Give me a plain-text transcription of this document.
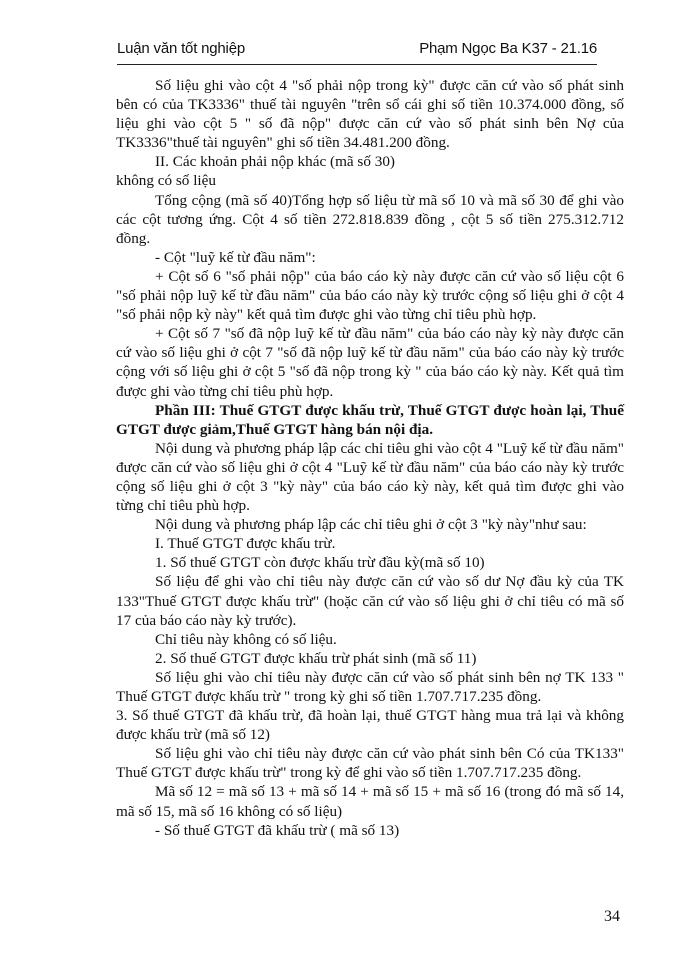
Luận văn tốt nghiệp	Phạm Ngọc Ba K37 - 21.16

Số liệu ghi vào cột 4 "số phải nộp trong kỳ" được căn cứ vào số phát sinh bên có của TK3336" thuế tài nguyên "trên sổ cái ghi số tiền 10.374.000 đồng, số liệu ghi vào cột 5 " số đã nộp" được căn cứ vào số phát sinh bên Nợ của TK3336"thuế tài nguyên" ghi số tiền 34.481.200 đồng.

II. Các khoản phải nộp khác (mã số 30)

không có số liệu

Tổng cộng (mã số 40)Tổng hợp số liệu từ mã số 10 và mã số 30 để ghi vào các cột tương ứng. Cột 4 số tiền 272.818.839 đồng , cột 5 số tiền 275.312.712 đồng.

- Cột "luỹ kế từ đầu năm":

+ Cột số 6 "số phải nộp" của báo cáo kỳ này được căn cứ vào số liệu cột 6 "số phải nộp luỹ kế từ đầu năm" của báo cáo này kỳ trước cộng số liệu ghi ở cột 4 "số phải nộp kỳ này" kết quả tìm được ghi vào từng chỉ tiêu phù hợp.

+ Cột số 7 "số đã nộp luỹ kế từ đầu năm" của báo cáo này kỳ này được căn cứ vào số liệu ghi ở cột 7 "số đã nộp luỹ kế từ đầu năm" của báo cáo này kỳ trước cộng với số liệu ghi ở cột 5 "số đã nộp trong kỳ " của báo cáo kỳ này. Kết quả tìm được ghi vào từng chỉ tiêu phù hợp.

Phần III: Thuế GTGT được khấu trừ, Thuế GTGT được hoàn lại, Thuế GTGT được giảm,Thuế GTGT hàng bán nội địa.

Nội dung và phương pháp lập các chỉ tiêu ghi vào cột 4 "Luỹ kế từ đầu năm" được căn cứ vào số liệu ghi ở cột 4 "Luỹ kế từ đầu năm" của báo cáo này kỳ trước cộng số liệu ghi ở cột 3 "kỳ này" của báo cáo kỳ này, kết quả tìm được ghi vào từng chỉ tiêu phù hợp.

Nội dung và phương pháp lập các chỉ tiêu ghi ở cột 3 "kỳ này"như sau:

I. Thuế GTGT được khấu trừ.

1. Số thuế GTGT còn được khấu trừ đầu kỳ(mã số 10)

Số liệu để ghi vào chỉ tiêu này được căn cứ vào số dư Nợ đầu kỳ của TK 133"Thuế GTGT được khấu trừ" (hoặc căn cứ vào số liệu ghi ở chỉ tiêu có mã số 17 của báo cáo này kỳ trước).

Chỉ tiêu này không có số liệu.

2. Số thuế GTGT được khấu trừ phát sinh (mã số 11)

Số liệu ghi vào chỉ tiêu này được căn cứ vào số phát sinh bên nợ TK 133 " Thuế GTGT được khấu trừ " trong kỳ ghi số tiền 1.707.717.235 đồng.

3. Số thuế GTGT đã khấu trừ, đã hoàn lại, thuế GTGT hàng mua trả lại và không được khấu trừ (mã số 12)

Số liệu ghi vào chỉ tiêu này được căn cứ vào phát sinh bên Có của TK133" Thuế GTGT được khấu trừ" trong kỳ để ghi vào số tiền 1.707.717.235 đồng.

Mã số 12 = mã số 13 + mã số 14 + mã số 15 + mã số 16 (trong đó mã số 14, mã số 15, mã số 16 không có số liệu)

- Số thuế GTGT đã khấu trừ ( mã số 13)

34
